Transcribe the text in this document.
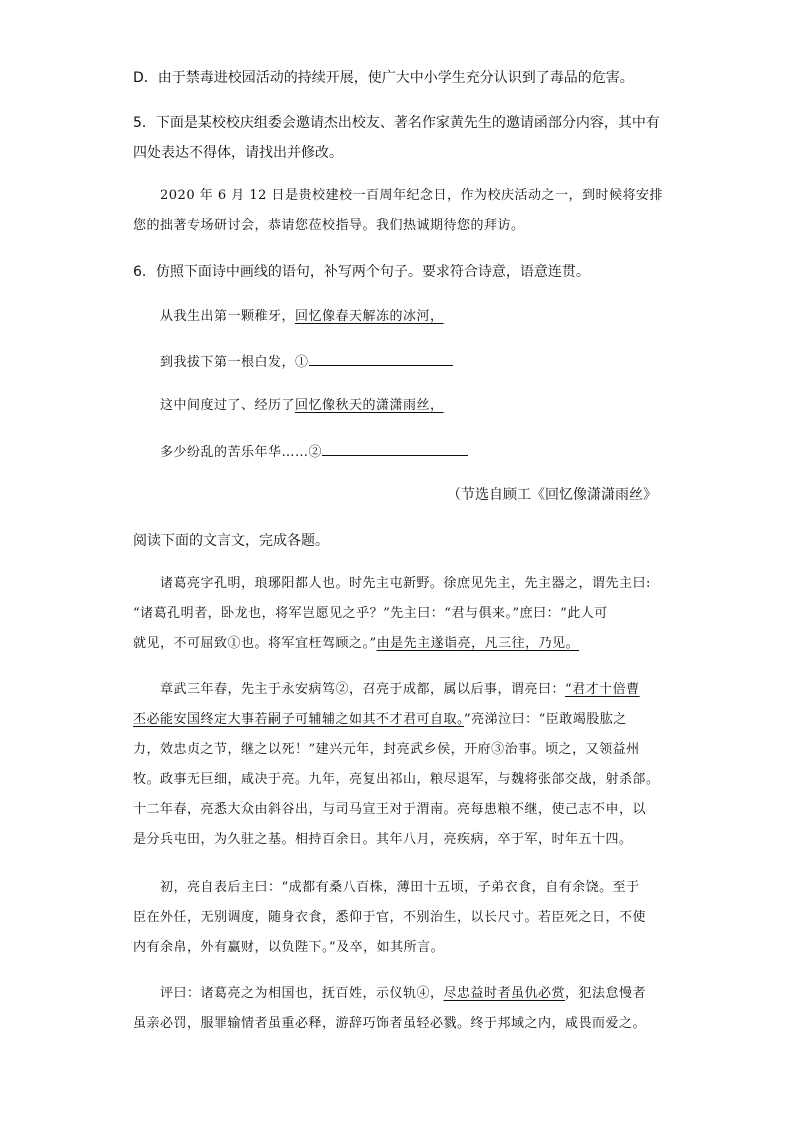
D．由于禁毒进校园活动的持续开展，使广大中小学生充分认识到了毒品的危害。
5．下面是某校校庆组委会邀请杰出校友、著名作家黄先生的邀请函部分内容，其中有
四处表达不得体，请找出并修改。
2020 年 6 月 12 日是贵校建校一百周年纪念日，作为校庆活动之一，到时候将安排
您的拙著专场研讨会，恭请您莅校指导。我们热诚期待您的拜访。
6．仿照下面诗中画线的语句，补写两个句子。要求符合诗意，语意连贯。
从我生出第一颗稚牙，回忆像春天解冻的冰河，
到我拔下第一根白发，①
这中间度过了、经历了回忆像秋天的潇潇雨丝，
多少纷乱的苦乐年华……②
（节选自顾工《回忆像潇潇雨丝》
阅读下面的文言文，完成各题。
诸葛亮字孔明，琅琊阳都人也。时先主屯新野。徐庶见先主，先主器之，谓先主曰:
“诸葛孔明者，卧龙也，将军岂愿见之乎？”先主曰：“君与俱来。”庶曰：“此人可
就见，不可屈致①也。将军宜枉驾顾之。”由是先主遂诣亮，凡三往，乃见。
章武三年春，先主于永安病笃②，召亮于成都，属以后事，谓亮曰：“君才十倍曹
丕必能安国终定大事若嗣子可辅辅之如其不才君可自取。”亮涕泣曰：“臣敢竭股肱之
力，效忠贞之节，继之以死！”建兴元年，封亮武乡侯，开府③治事。顷之，又领益州
牧。政事无巨细，咸决于亮。九年，亮复出祁山，粮尽退军，与魏将张郃交战，射杀郃。
十二年春，亮悉大众由斜谷出，与司马宣王对于渭南。亮每患粮不继，使己志不申，以
是分兵屯田，为久驻之基。相持百余日。其年八月，亮疾病，卒于军，时年五十四。
初，亮自表后主曰：“成都有桑八百株，薄田十五顷，子弟衣食，自有余饶。至于
臣在外任，无别调度，随身衣食，悉仰于官，不别治生，以长尺寸。若臣死之日，不使
内有余帛，外有赢财，以负陛下。”及卒，如其所言。
评曰：诸葛亮之为相国也，抚百姓，示仪轨④，尽忠益时者虽仇必赏，犯法怠慢者
虽亲必罚，服罪输情者虽重必释，游辞巧饰者虽轻必戮。终于邦域之内，咸畏而爱之。
